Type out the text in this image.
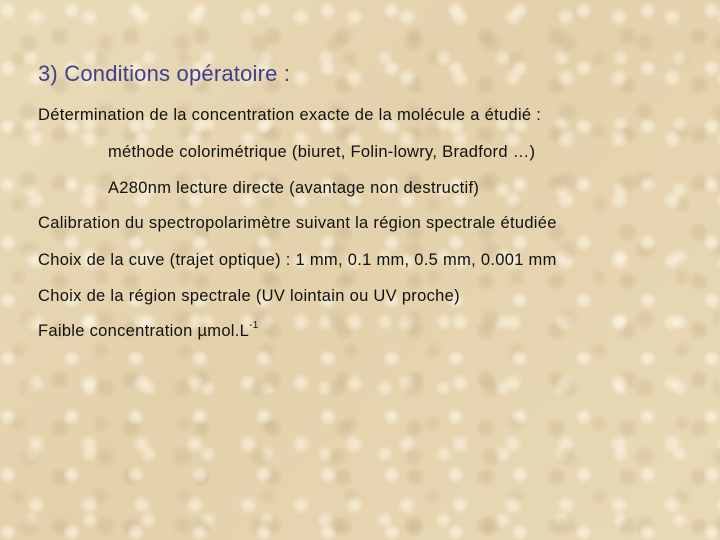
3) Conditions opératoire :
Détermination de la concentration exacte de la molécule a étudié :
méthode colorimétrique (biuret, Folin-lowry, Bradford …)
A280nm lecture directe (avantage non destructif)
Calibration du spectropolarimètre suivant la région spectrale étudiée
Choix de la cuve (trajet optique) : 1 mm, 0.1 mm, 0.5 mm, 0.001 mm
Choix de la région spectrale (UV lointain ou UV proche)
Faible concentration $\mu mol.L^{-1}$
